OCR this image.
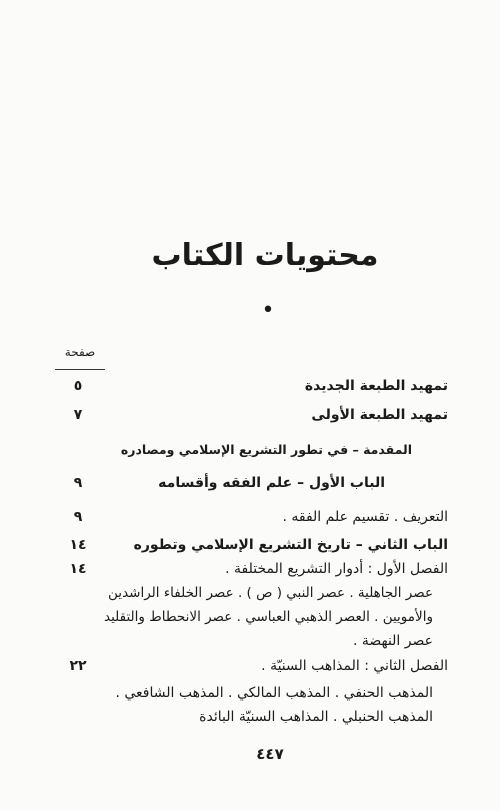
محتويات الكتاب
•
صفحة
تمهيد الطبعة الجديدة
٥
تمهيد الطبعة الأولى
٧
المقدمة – في تطور التشريع الإسلامي ومصادره
الباب الأول – علم الفقه وأقسامه
٩
التعريف . تقسيم علم الفقه .
٩
الباب الثاني – تاريخ التشريع الإسلامي وتطوره
١٤
الفصل الأول : أدوار التشريع المختلفة .
١٤
عصر الجاهلية . عصر النبي ( ص ) . عصر الخلفاء الراشدين
والأمويين . العصر الذهبي العباسي . عصر الانحطاط والتقليد
عصر النهضة .
الفصل الثاني : المذاهب السنيّة .
٢٢
المذهب الحنفي . المذهب المالكي . المذهب الشافعي .
المذهب الحنبلي . المذاهب السنيّة البائدة
٤٤٧
